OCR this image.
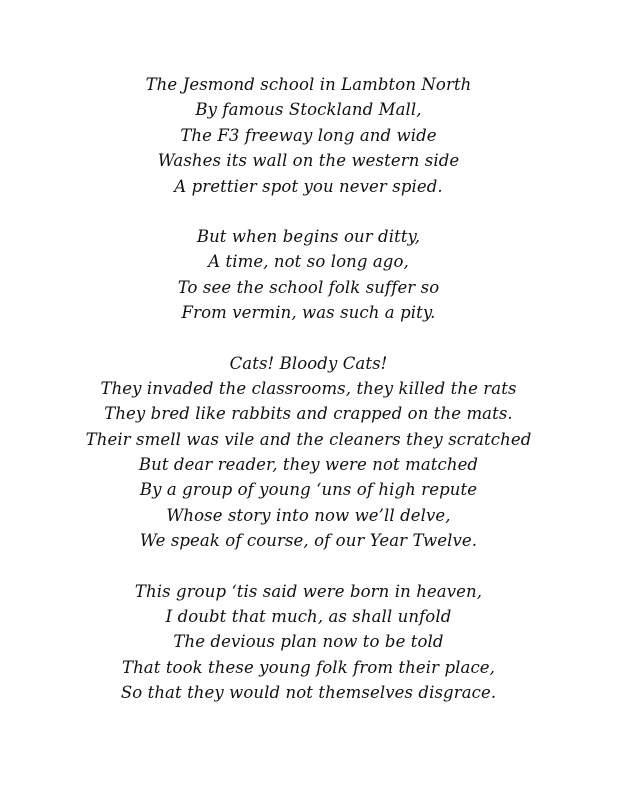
The Jesmond school in Lambton North
By famous Stockland Mall,
The F3 freeway long and wide
Washes its wall on the western side
A prettier spot you never spied.
But when begins our ditty,
A time, not so long ago,
To see the school folk suffer so
From vermin, was such a pity.
Cats! Bloody Cats!
They invaded the classrooms, they killed the rats
They bred like rabbits and crapped on the mats.
Their smell was vile and the cleaners they scratched
But dear reader, they were not matched
By a group of young ‘uns of high repute
Whose story into now we’ll delve,
We speak of course, of our Year Twelve.
This group ‘tis said were born in heaven,
I doubt that much, as shall unfold
The devious plan now to be told
That took these young folk from their place,
So that they would not themselves disgrace.
